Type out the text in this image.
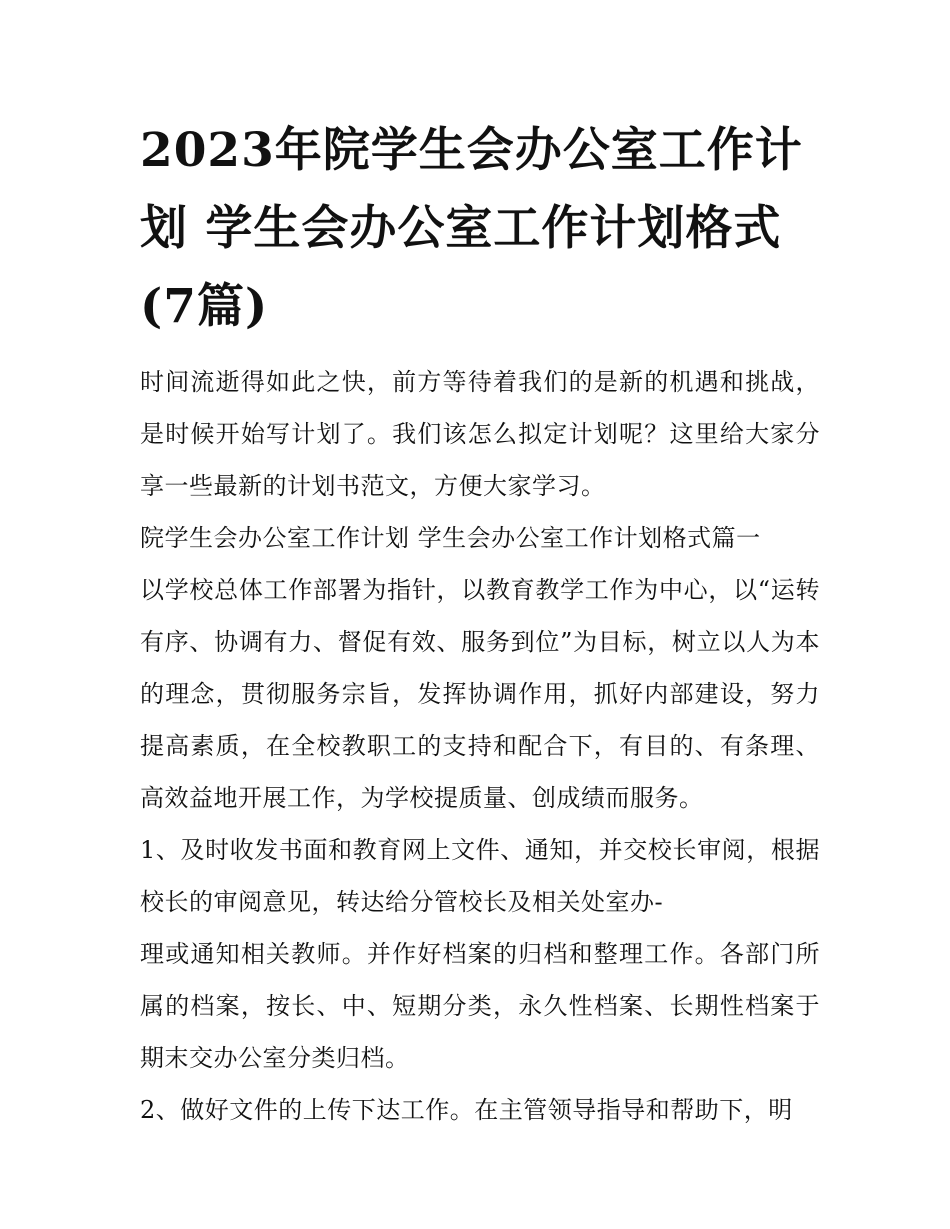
2023年院学生会办公室工作计划 学生会办公室工作计划格式(7篇)

时间流逝得如此之快，前方等待着我们的是新的机遇和挑战，是时候开始写计划了。我们该怎么拟定计划呢？这里给大家分享一些最新的计划书范文，方便大家学习。

院学生会办公室工作计划 学生会办公室工作计划格式篇一

以学校总体工作部署为指针，以教育教学工作为中心，以“运转有序、协调有力、督促有效、服务到位”为目标，树立以人为本的理念，贯彻服务宗旨，发挥协调作用，抓好内部建设，努力提高素质，在全校教职工的支持和配合下，有目的、有条理、高效益地开展工作，为学校提质量、创成绩而服务。

1、及时收发书面和教育网上文件、通知，并交校长审阅，根据校长的审阅意见，转达给分管校长及相关处室办-

理或通知相关教师。并作好档案的归档和整理工作。各部门所属的档案，按长、中、短期分类，永久性档案、长期性档案于期末交办公室分类归档。

2、做好文件的上传下达工作。在主管领导指导和帮助下，明
